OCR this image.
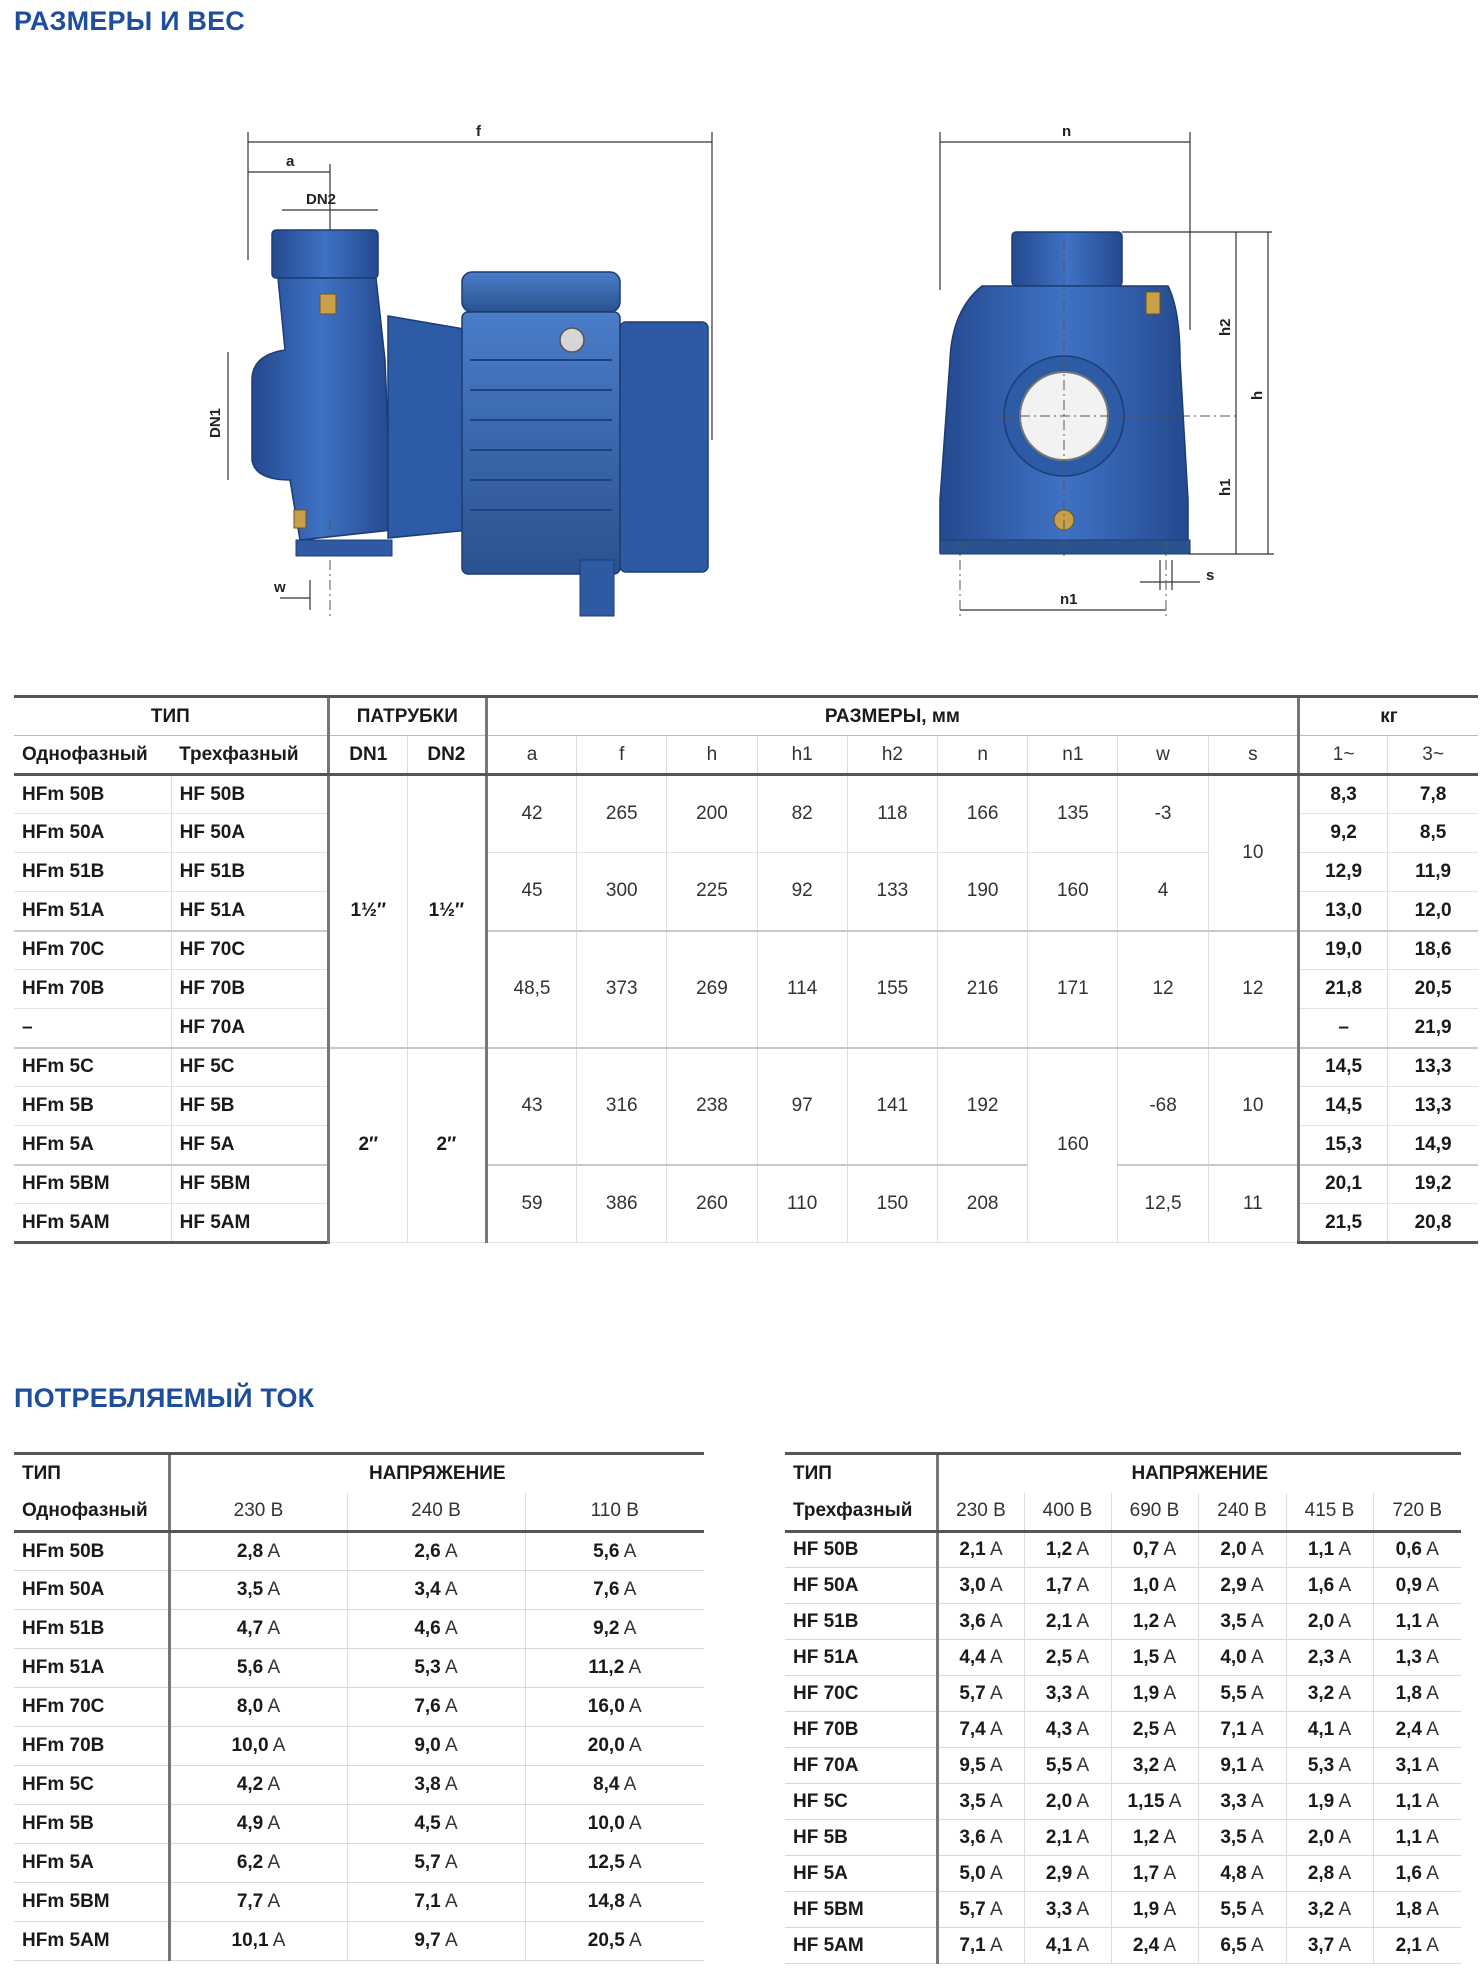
РАЗМЕРЫ И ВЕС
f
a
DN2
DN1
w
n
h2
h
h1
s
n1
ТИП		ПАТРУБКИ		РАЗМЕРЫ, мм									кг	
Однофазный	Трехфазный	DN1	DN2	a	f	h	h1	h2	n	n1	w	s	1~	3~
HFm 50B	HF 50B	1½″	1½″	42	265	200	82	118	166	135	-3	10	8,3	7,8
HFm 50A	HF 50A												9,2	8,5
HFm 51B	HF 51B			45	300	225	92	133	190	160	4		12,9	11,9
HFm 51A	HF 51A												13,0	12,0
HFm 70C	HF 70C			48,5	373	269	114	155	216	171	12	12	19,0	18,6
HFm 70B	HF 70B												21,8	20,5
–	HF 70A												–	21,9
HFm 5C	HF 5C	2″	2″	43	316	238	97	141	192	160	-68	10	14,5	13,3
HFm 5B	HF 5B												14,5	13,3
HFm 5A	HF 5A												15,3	14,9
HFm 5BM	HF 5BM			59	386	260	110	150	208		12,5	11	20,1	19,2
HFm 5AM	HF 5AM												21,5	20,8
ПОТРЕБЛЯЕМЫЙ ТОК
ТИП	НАПРЯЖЕНИЕ		
Однофазный	230 В	240 В	110 В
HFm 50B	2,8 A	2,6 A	5,6 A
HFm 50A	3,5 A	3,4 A	7,6 A
HFm 51B	4,7 A	4,6 A	9,2 A
HFm 51A	5,6 A	5,3 A	11,2 A
HFm 70C	8,0 A	7,6 A	16,0 A
HFm 70B	10,0 A	9,0 A	20,0 A
HFm 5C	4,2 A	3,8 A	8,4 A
HFm 5B	4,9 A	4,5 A	10,0 A
HFm 5A	6,2 A	5,7 A	12,5 A
HFm 5BM	7,7 A	7,1 A	14,8 A
HFm 5AM	10,1 A	9,7 A	20,5 A
ТИП	НАПРЯЖЕНИЕ					
Трехфазный	230 В	400 В	690 В	240 В	415 В	720 В
HF 50B	2,1 A	1,2 A	0,7 A	2,0 A	1,1 A	0,6 A
HF 50A	3,0 A	1,7 A	1,0 A	2,9 A	1,6 A	0,9 A
HF 51B	3,6 A	2,1 A	1,2 A	3,5 A	2,0 A	1,1 A
HF 51A	4,4 A	2,5 A	1,5 A	4,0 A	2,3 A	1,3 A
HF 70C	5,7 A	3,3 A	1,9 A	5,5 A	3,2 A	1,8 A
HF 70B	7,4 A	4,3 A	2,5 A	7,1 A	4,1 A	2,4 A
HF 70A	9,5 A	5,5 A	3,2 A	9,1 A	5,3 A	3,1 A
HF 5C	3,5 A	2,0 A	1,15 A	3,3 A	1,9 A	1,1 A
HF 5B	3,6 A	2,1 A	1,2 A	3,5 A	2,0 A	1,1 A
HF 5A	5,0 A	2,9 A	1,7 A	4,8 A	2,8 A	1,6 A
HF 5BM	5,7 A	3,3 A	1,9 A	5,5 A	3,2 A	1,8 A
HF 5AM	7,1 A	4,1 A	2,4 A	6,5 A	3,7 A	2,1 A
